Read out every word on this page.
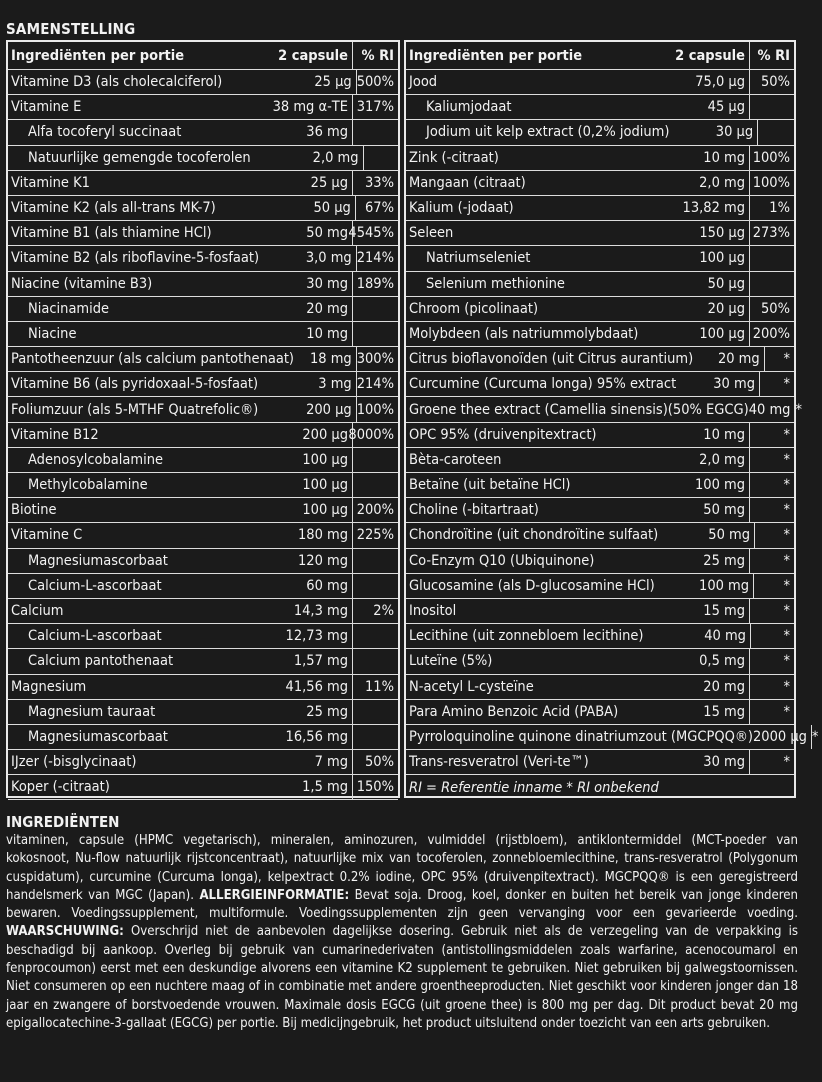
SAMENSTELLING
Ingrediënten per portie	2 capsule % RI
Vitamine D3 (als cholecalciferol)	25 µg 500%
Vitamine E	38 mg α-TE 317%
Alfa tocoferyl succinaat	36 mg
Natuurlijke gemengde tocoferolen	2,0 mg
Vitamine K1	25 µg	33%
Vitamine K2 (als all-trans MK-7)	50 µg 67%
Vitamine B1 (als thiamine HCl)	50 mg 4545%
Vitamine B2 (als riboflavine-5-fosfaat)	3,0 mg 214%
Niacine (vitamine B3)	30 mg 189%
Niacinamide	20 mg
Niacine	10 mg
Pantotheenzuur (als calcium pantothenaat)	18 mg 300%
Vitamine B6 (als pyridoxaal-5-fosfaat)	3 mg 214%
Foliumzuur (als 5-MTHF Quatrefolic®)	200 µg 100%
Vitamine B12	200 µg 8000%
Adenosylcobalamine	100 µg
Methylcobalamine	100 µg
Biotine	100 µg 200%
Vitamine C	180 mg 225%
Magnesiumascorbaat	120 mg
Calcium-L-ascorbaat	60 mg
Calcium	14,3 mg	2%
Calcium-L-ascorbaat	12,73 mg
Calcium pantothenaat	1,57 mg
Magnesium	41,56 mg	11%
Magnesium tauraat	25 mg
Magnesiumascorbaat	16,56 mg
IJzer (-bisglycinaat)	7 mg	50%
Koper (-citraat)	1,5 mg 150%
Ingrediënten per portie	2 capsule % RI
Jood	75,0 µg	50%
Kaliumjodaat	45 µg
Jodium uit kelp extract (0,2% jodium)	30 µg
Zink (-citraat)	10 mg 100%
Mangaan (citraat)	2,0 mg 100%
Kalium (-jodaat)	13,82 mg	1%
Seleen	150 µg 273%
Natriumseleniet	100 µg
Selenium methionine	50 µg
Chroom (picolinaat)	20 µg	50%
Molybdeen (als natriummolybdaat)	100 µg 200%
Citrus bioflavonoïden (uit Citrus aurantium)	20 mg	*
Curcumine (Curcuma longa) 95% extract	30 mg	*
Groene thee extract (Camellia sinensis)(50% EGCG) 40 mg *
OPC 95% (druivenpitextract)	10 mg	*
Bèta-caroteen	2,0 mg	*
Betaïne (uit betaïne HCl)	100 mg	*
Choline (-bitartraat)	50 mg	*
Chondroïtine (uit chondroïtine sulfaat)	50 mg	*
Co-Enzym Q10 (Ubiquinone)	25 mg	*
Glucosamine (als D-glucosamine HCl)	100 mg	*
Inositol	15 mg	*
Lecithine (uit zonnebloem lecithine)	40 mg	*
Luteïne (5%)	0,5 mg	*
N-acetyl L-cysteïne	20 mg	*
Para Amino Benzoic Acid (PABA)	15 mg	*
Pyrroloquinoline quinone dinatriumzout (MGCPQQ®) 2000 µg *
Trans-resveratrol (Veri-te™)	30 mg	*
RI = Referentie inname * RI onbekend
INGREDIËNTEN

vitaminen, capsule (HPMC vegetarisch), mineralen, aminozuren, vulmiddel (rijstbloem), antiklontermiddel (MCT-poeder van kokosnoot, Nu-flow natuurlijk rijstconcentraat), natuurlijke mix van tocoferolen, zonnebloemlecithine, trans-resveratrol (Polygonum cuspidatum), curcumine (Curcuma longa), kelpextract 0.2% iodine, OPC 95% (druivenpitextract). MGCPQQ® is een geregistreerd handelsmerk van MGC (Japan). ALLERGIEINFORMATIE: Bevat soja. Droog, koel, donker en buiten het bereik van jonge kinderen bewaren. Voedingssupplement, multiformule. Voedingssupplementen zijn geen vervanging voor een gevarieerde voeding. WAARSCHUWING: Overschrijd niet de aanbevolen dagelijkse dosering. Gebruik niet als de verzegeling van de verpakking is beschadigd bij aankoop. Overleg bij gebruik van cumarinederivaten (antistollingsmiddelen zoals warfarine, acenocoumarol en fenprocoumon) eerst met een deskundige alvorens een vitamine K2 supplement te gebruiken. Niet gebruiken bij galwegstoornissen. Niet consumeren op een nuchtere maag of in combinatie met andere groentheeproducten. Niet geschikt voor kinderen jonger dan 18 jaar en zwangere of borstvoedende vrouwen. Maximale dosis EGCG (uit groene thee) is 800 mg per dag. Dit product bevat 20 mg epigallocatechine-3-gallaat (EGCG) per portie. Bij medicijngebruik, het product uitsluitend onder toezicht van een arts gebruiken.
